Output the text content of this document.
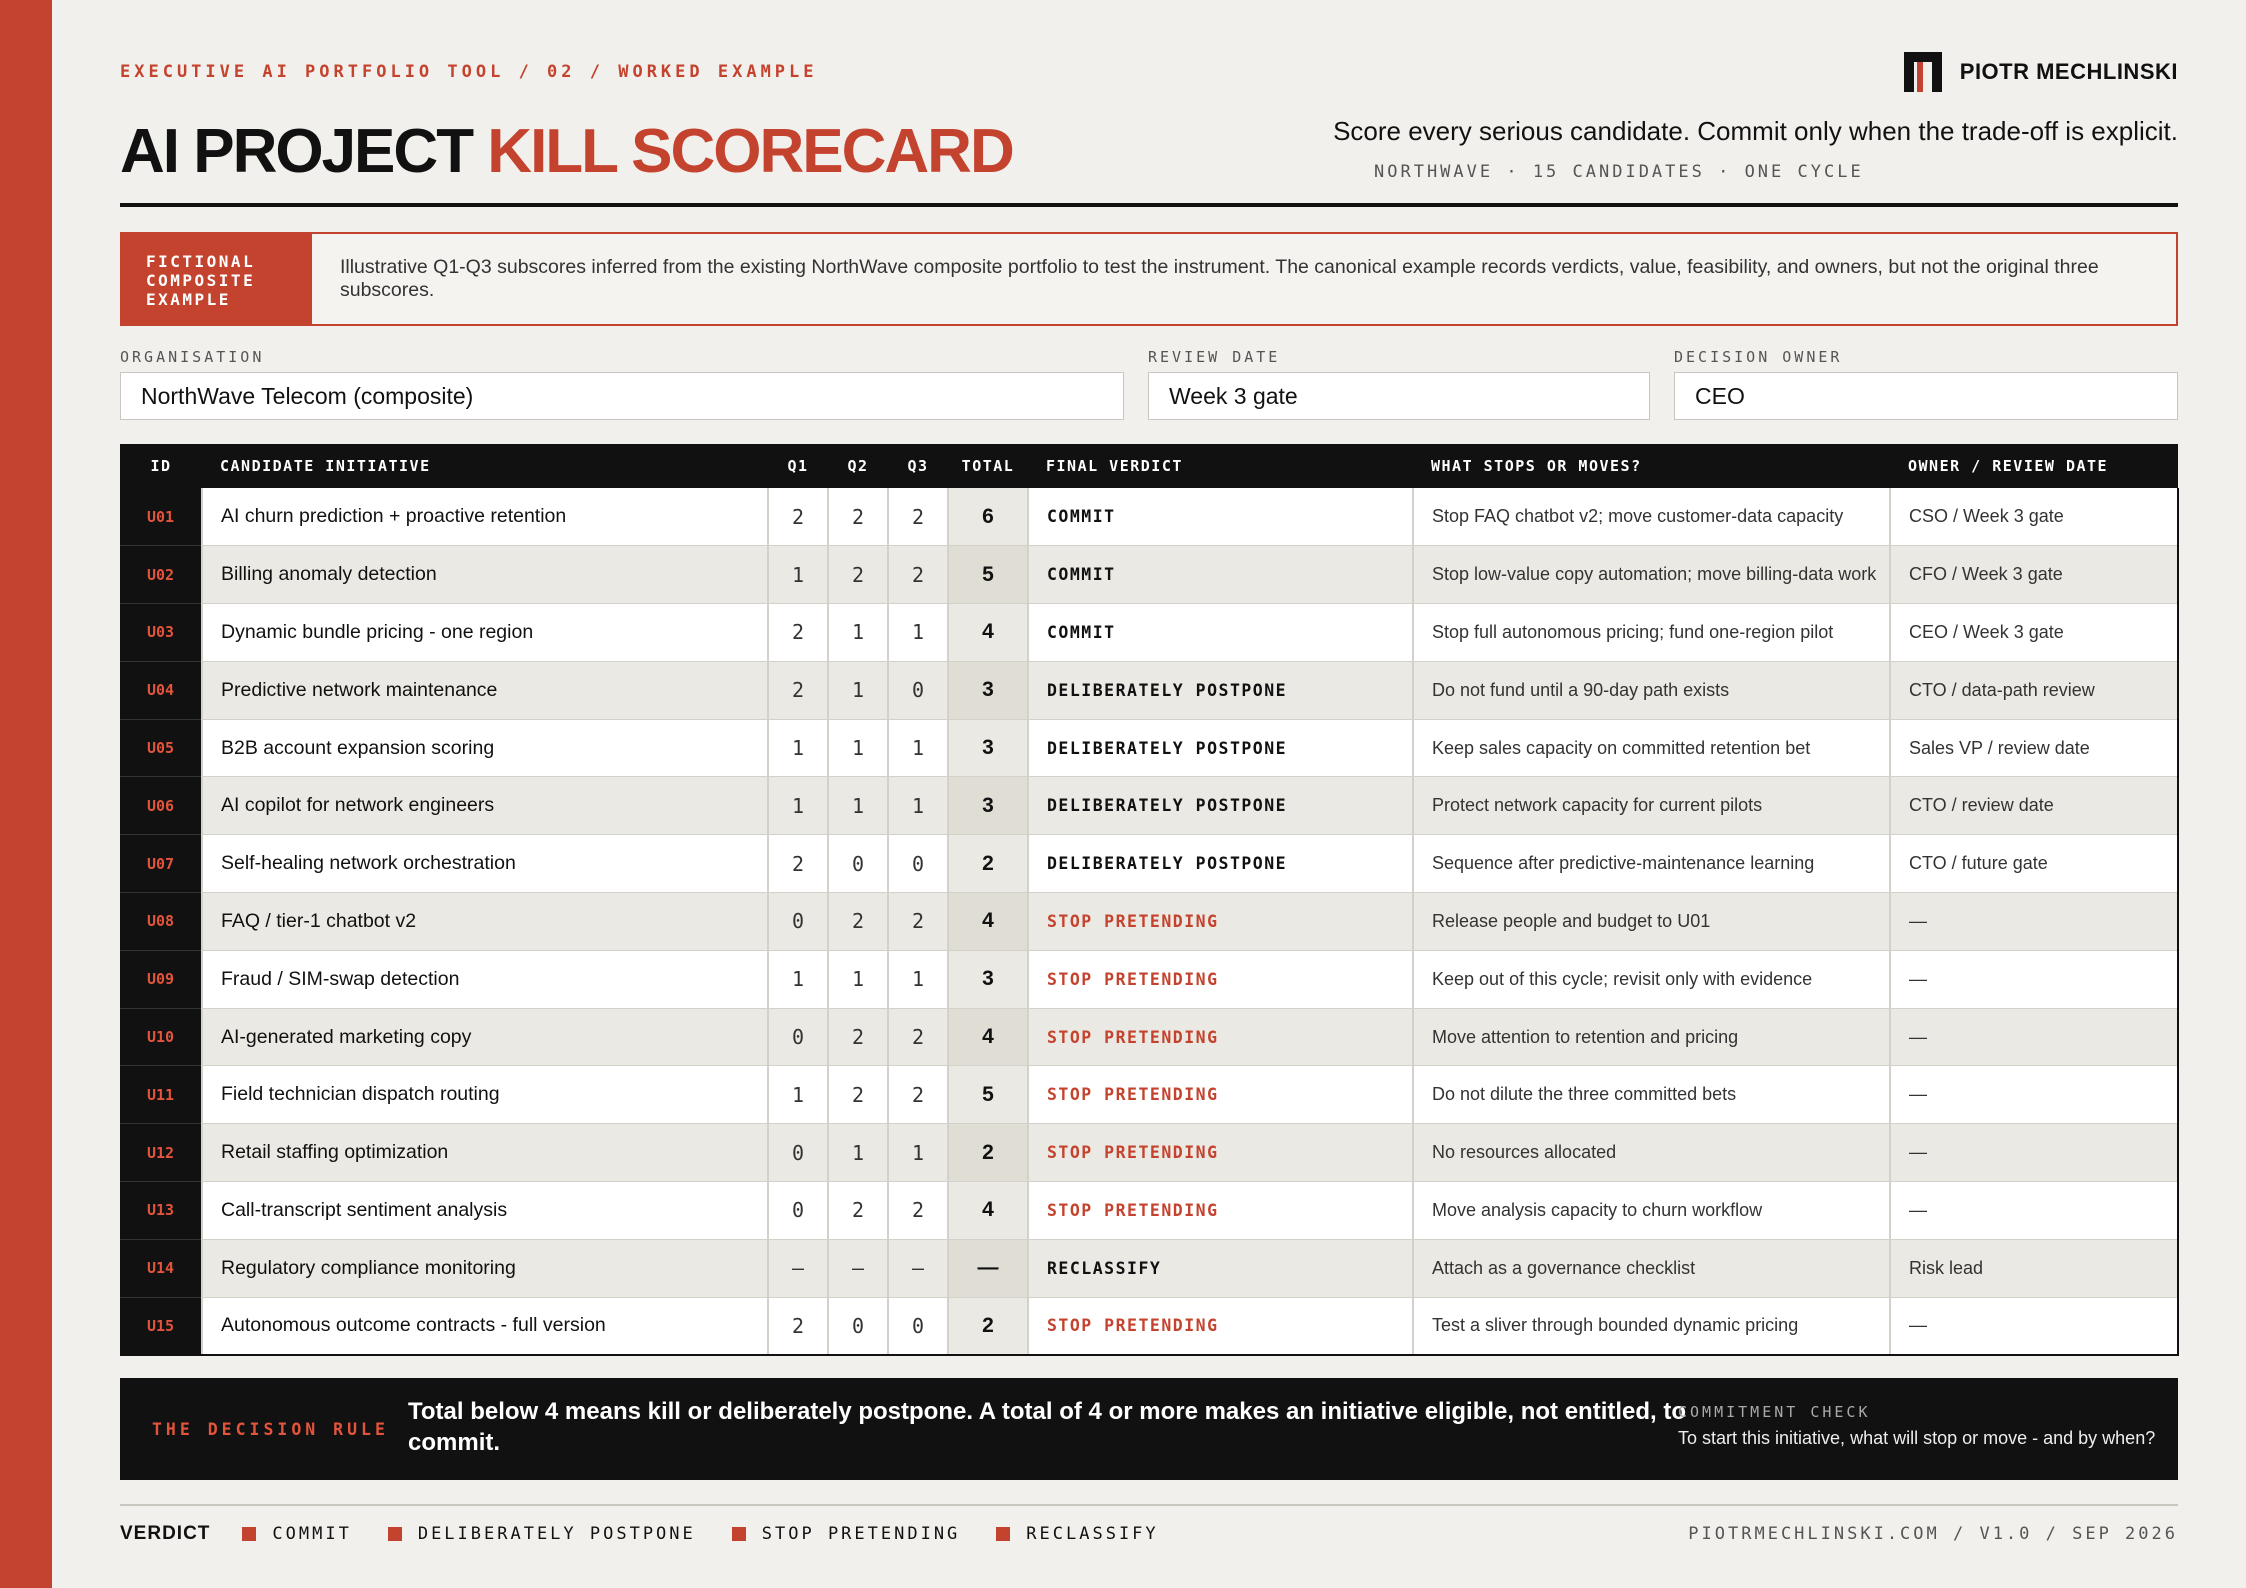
EXECUTIVE AI PORTFOLIO TOOL / 02 / WORKED EXAMPLE
AI PROJECT KILL SCORECARD
PIOTR MECHLINSKI
Score every serious candidate. Commit only when the trade-off is explicit.
NORTHWAVE · 15 CANDIDATES · ONE CYCLE
FICTIONAL COMPOSITE EXAMPLE
Illustrative Q1-Q3 subscores inferred from the existing NorthWave composite portfolio to test the instrument. The canonical example records verdicts, value, feasibility, and owners, but not the original three subscores.
ORGANISATION
NorthWave Telecom (composite)
REVIEW DATE
Week 3 gate
DECISION OWNER
CEO
ID	CANDIDATE INITIATIVE	Q1	Q2	Q3	TOTAL	FINAL VERDICT	WHAT STOPS OR MOVES?	OWNER / REVIEW DATE
U01	AI churn prediction + proactive retention	2	2	2	6	COMMIT	Stop FAQ chatbot v2; move customer-data capacity	CSO / Week 3 gate
U02	Billing anomaly detection	1	2	2	5	COMMIT	Stop low-value copy automation; move billing-data work	CFO / Week 3 gate
U03	Dynamic bundle pricing - one region	2	1	1	4	COMMIT	Stop full autonomous pricing; fund one-region pilot	CEO / Week 3 gate
U04	Predictive network maintenance	2	1	0	3	DELIBERATELY POSTPONE	Do not fund until a 90-day path exists	CTO / data-path review
U05	B2B account expansion scoring	1	1	1	3	DELIBERATELY POSTPONE	Keep sales capacity on committed retention bet	Sales VP / review date
U06	AI copilot for network engineers	1	1	1	3	DELIBERATELY POSTPONE	Protect network capacity for current pilots	CTO / review date
U07	Self-healing network orchestration	2	0	0	2	DELIBERATELY POSTPONE	Sequence after predictive-maintenance learning	CTO / future gate
U08	FAQ / tier-1 chatbot v2	0	2	2	4	STOP PRETENDING	Release people and budget to U01	—
U09	Fraud / SIM-swap detection	1	1	1	3	STOP PRETENDING	Keep out of this cycle; revisit only with evidence	—
U10	AI-generated marketing copy	0	2	2	4	STOP PRETENDING	Move attention to retention and pricing	—
U11	Field technician dispatch routing	1	2	2	5	STOP PRETENDING	Do not dilute the three committed bets	—
U12	Retail staffing optimization	0	1	1	2	STOP PRETENDING	No resources allocated	—
U13	Call-transcript sentiment analysis	0	2	2	4	STOP PRETENDING	Move analysis capacity to churn workflow	—
U14	Regulatory compliance monitoring	—	—	—	—	RECLASSIFY	Attach as a governance checklist	Risk lead
U15	Autonomous outcome contracts - full version	2	0	0	2	STOP PRETENDING	Test a sliver through bounded dynamic pricing	—
THE DECISION RULE
Total below 4 means kill or deliberately postpone. A total of 4 or more makes an initiative eligible, not entitled, to commit.
COMMITMENT CHECK
To start this initiative, what will stop or move - and by when?
VERDICT	COMMIT	DELIBERATELY POSTPONE	STOP PRETENDING	RECLASSIFY	PIOTRMECHLINSKI.COM / V1.0 / SEP 2026
